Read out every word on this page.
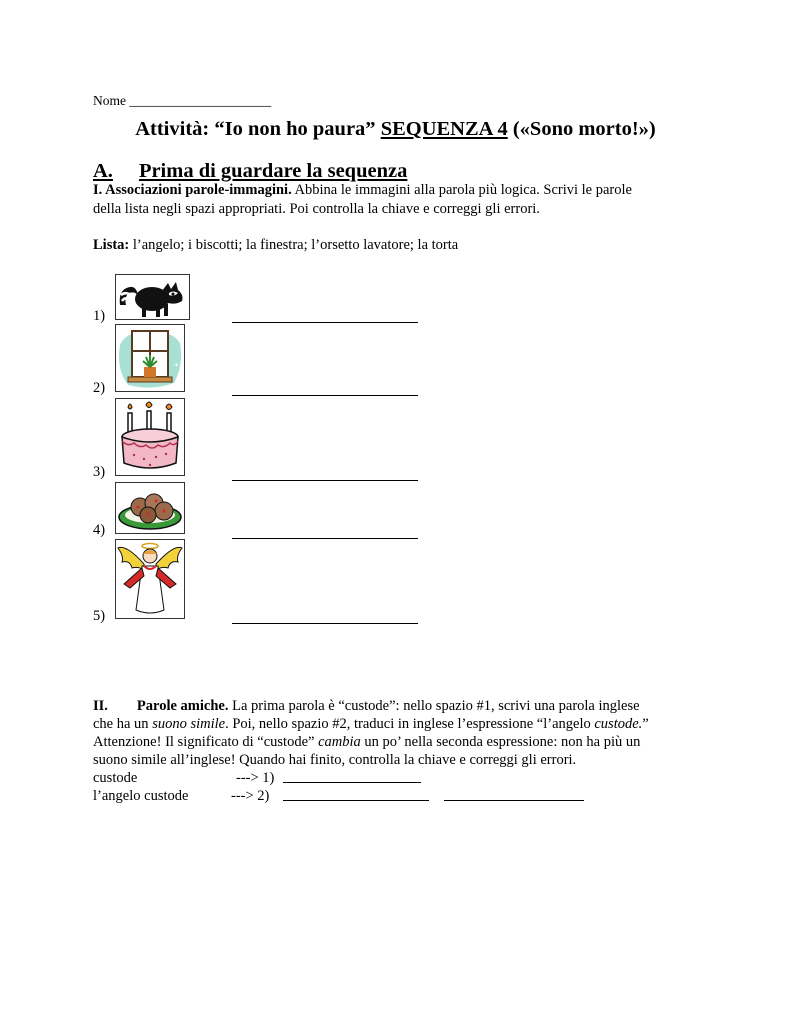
Nome _____________________
Attività: “Io non ho paura” SEQUENZA 4 («Sono morto!»)
A. Prima di guardare la sequenza
I. Associazioni parole-immagini. Abbina le immagini alla parola più logica. Scrivi le parole
della lista negli spazi appropriati. Poi controlla la chiave e correggi gli errori.
Lista: l’angelo; i biscotti; la finestra; l’orsetto lavatore; la torta
1)
✦
✦
2)
3)
4)
5)
II. Parole amiche. La prima parola è “custode”: nello spazio #1, scrivi una parola inglese
che ha un suono simile. Poi, nello spazio #2, traduci in inglese l’espressione “l’angelo custode.”
Attenzione! Il significato di “custode” cambia un po’ nella seconda espressione: non ha più un
suono simile all’inglese! Quando hai finito, controlla la chiave e correggi gli errori.
custode	---> 1)
l’angelo custode	---> 2)
